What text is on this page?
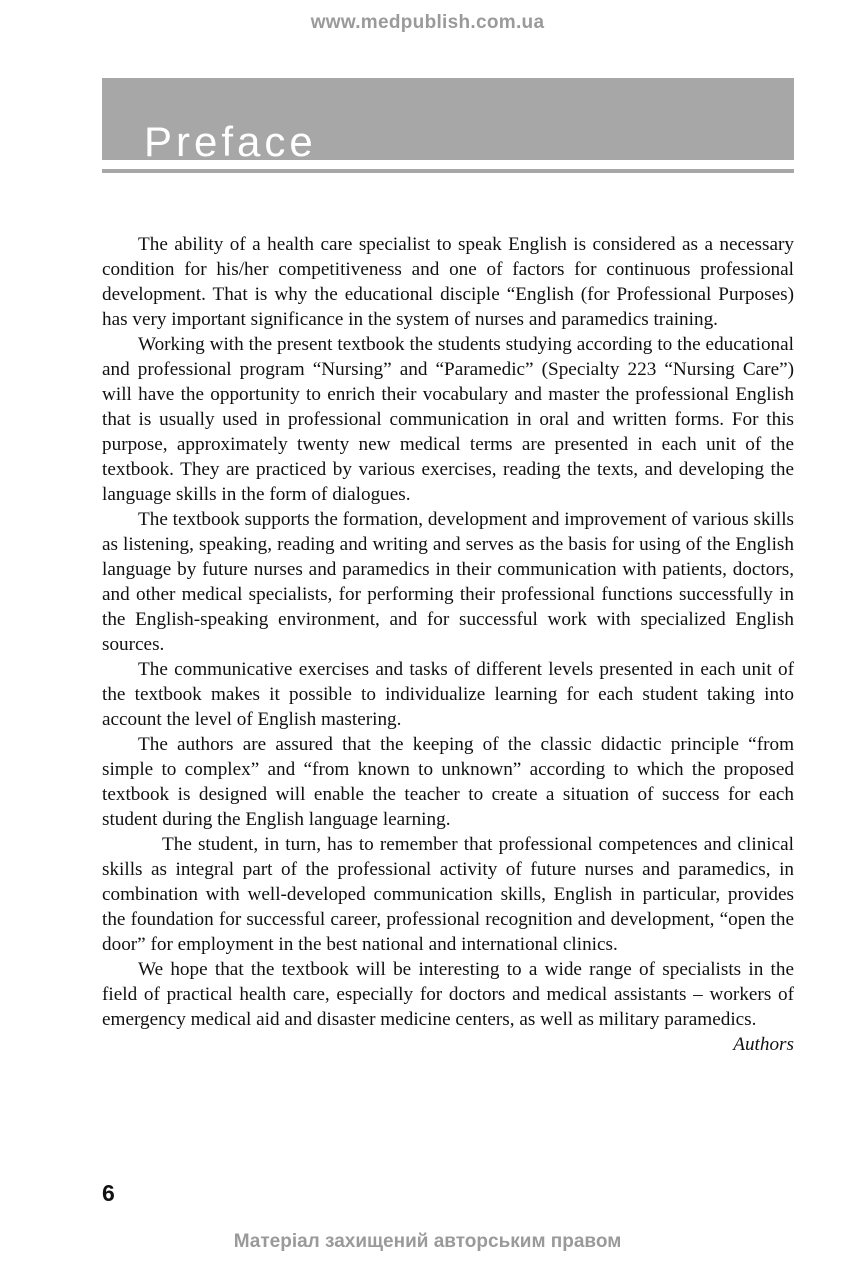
www.medpublish.com.ua
Preface

The ability of a health care specialist to speak English is considered as a necessary condition for his/her competitiveness and one of factors for continuous professional development. That is why the educational disciple “English (for Professional Purposes) has very important significance in the system of nurses and paramedics training.

Working with the present textbook the students studying according to the educational and professional program “Nursing” and “Paramedic” (Specialty 223 “Nursing Care”) will have the opportunity to enrich their vocabulary and master the professional English that is usually used in professional communication in oral and written forms. For this purpose, approximately twenty new medical terms are presented in each unit of the textbook. They are practiced by various exercises, reading the texts, and developing the language skills in the form of dialogues.

The textbook supports the formation, development and improvement of various skills as listening, speaking, reading and writing and serves as the basis for using of the English language by future nurses and paramedics in their communication with patients, doctors, and other medical specialists, for performing their professional functions successfully in the English-speaking environment, and for successful work with specialized English sources.

The communicative exercises and tasks of different levels presented in each unit of the textbook makes it possible to individualize learning for each student taking into account the level of English mastering.

The authors are assured that the keeping of the classic didactic principle “from simple to complex” and “from known to unknown” according to which the proposed textbook is designed will enable the teacher to create a situation of success for each student during the English language learning.

The student, in turn, has to remember that professional competences and clinical skills as integral part of the professional activity of future nurses and paramedics, in combination with well-developed communication skills, English in particular, provides the foundation for successful career, professional recognition and development, “open the door” for employment in the best national and international clinics.

We hope that the textbook will be interesting to a wide range of specialists in the field of practical health care, especially for doctors and medical assistants – workers of emergency medical aid and disaster medicine centers, as well as military paramedics.

Authors

6
Матеріал захищений авторським правом
